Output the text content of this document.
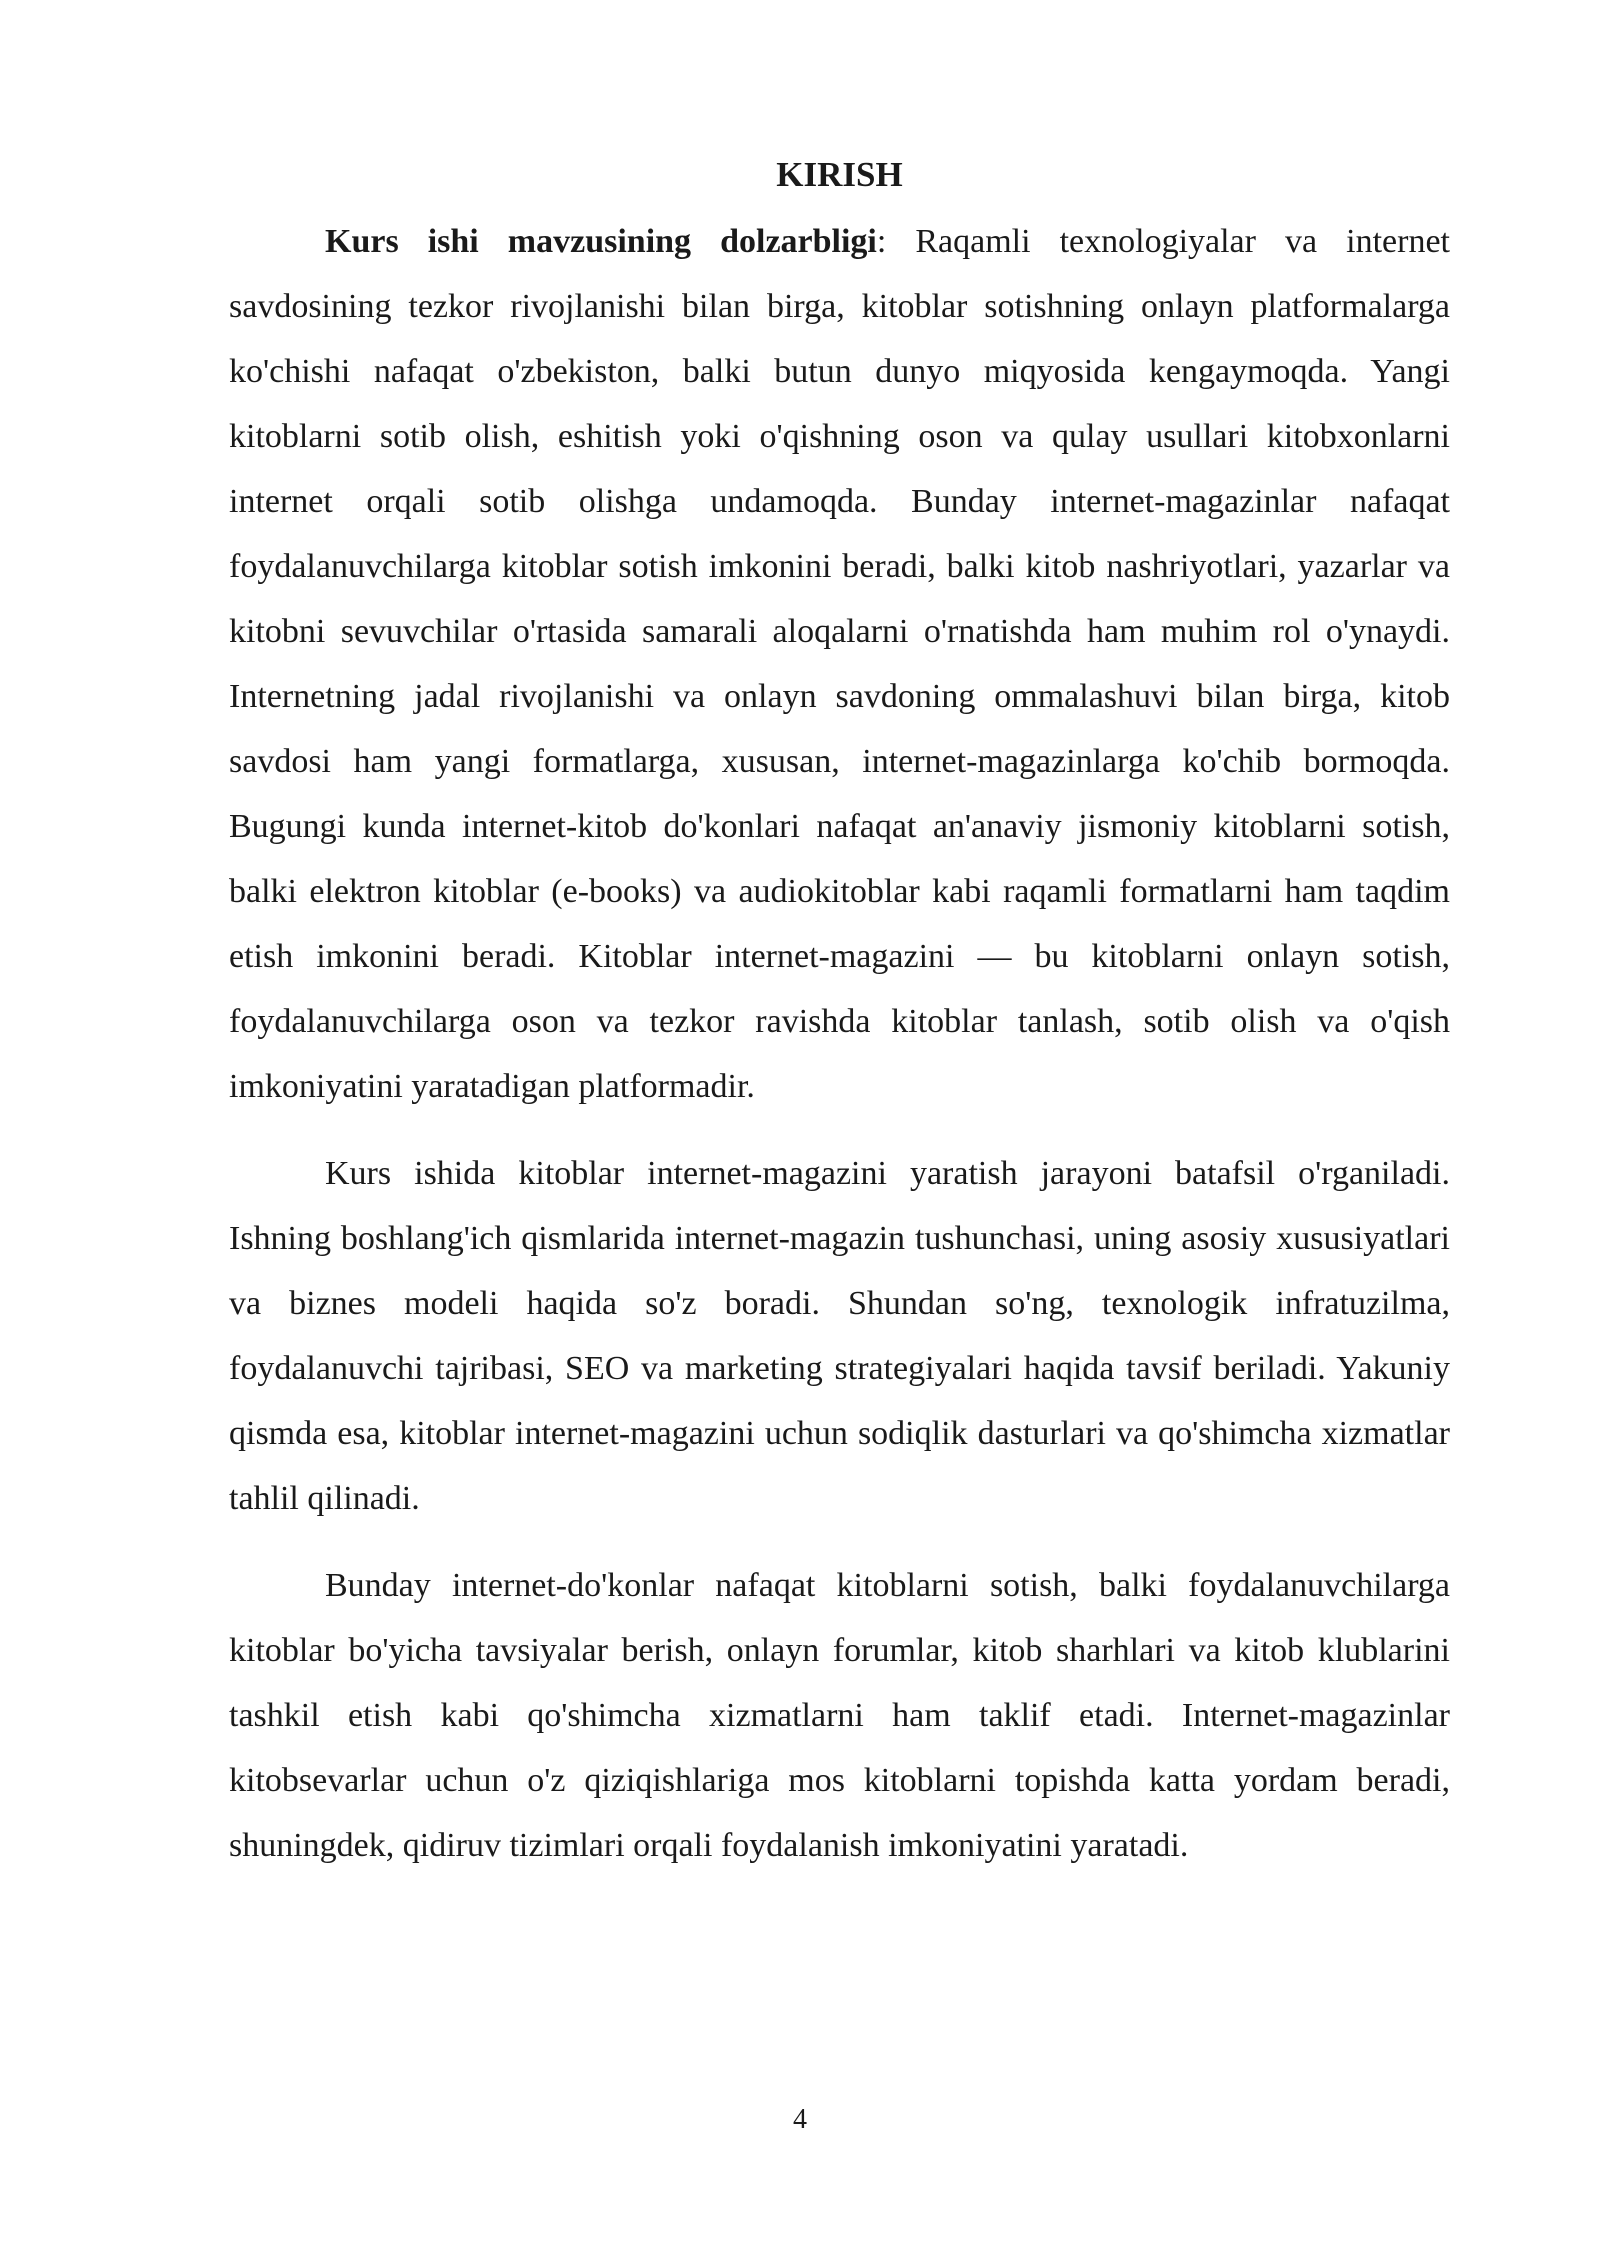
KIRISH

Kurs ishi mavzusining dolzarbligi: Raqamli texnologiyalar va internet savdosining tezkor rivojlanishi bilan birga, kitoblar sotishning onlayn platformalarga ko'chishi nafaqat o'zbekiston, balki butun dunyo miqyosida kengaymoqda. Yangi kitoblarni sotib olish, eshitish yoki o'qishning oson va qulay usullari kitobxonlarni internet orqali sotib olishga undamoqda. Bunday internet-magazinlar nafaqat foydalanuvchilarga kitoblar sotish imkonini beradi, balki kitob nashriyotlari, yazarlar va kitobni sevuvchilar o'rtasida samarali aloqalarni o'rnatishda ham muhim rol o'ynaydi. Internetning jadal rivojlanishi va onlayn savdoning ommalashuvi bilan birga, kitob savdosi ham yangi formatlarga, xususan, internet-magazinlarga ko'chib bormoqda. Bugungi kunda internet-kitob do'konlari nafaqat an'anaviy jismoniy kitoblarni sotish, balki elektron kitoblar (e-books) va audiokitoblar kabi raqamli formatlarni ham taqdim etish imkonini beradi. Kitoblar internet-magazini — bu kitoblarni onlayn sotish, foydalanuvchilarga oson va tezkor ravishda kitoblar tanlash, sotib olish va o'qish imkoniyatini yaratadigan platformadir.

Kurs ishida kitoblar internet-magazini yaratish jarayoni batafsil o'rganiladi. Ishning boshlang'ich qismlarida internet-magazin tushunchasi, uning asosiy xususiyatlari va biznes modeli haqida so'z boradi. Shundan so'ng, texnologik infratuzilma, foydalanuvchi tajribasi, SEO va marketing strategiyalari haqida tavsif beriladi. Yakuniy qismda esa, kitoblar internet-magazini uchun sodiqlik dasturlari va qo'shimcha xizmatlar tahlil qilinadi.

Bunday internet-do'konlar nafaqat kitoblarni sotish, balki foydalanuvchilarga kitoblar bo'yicha tavsiyalar berish, onlayn forumlar, kitob sharhlari va kitob klublarini tashkil etish kabi qo'shimcha xizmatlarni ham taklif etadi. Internet-magazinlar kitobsevarlar uchun o'z qiziqishlariga mos kitoblarni topishda katta yordam beradi, shuningdek, qidiruv tizimlari orqali foydalanish imkoniyatini yaratadi.

4
